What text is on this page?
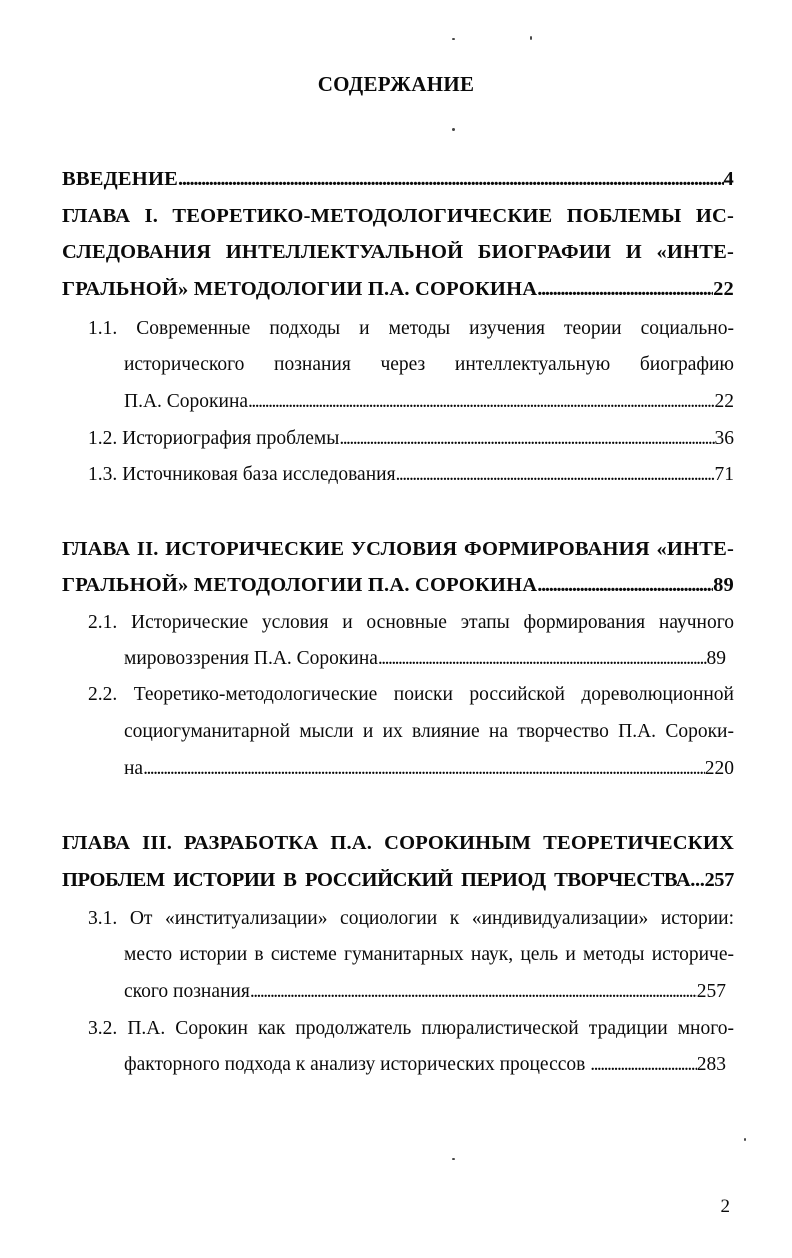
СОДЕРЖАНИЕ
ВВЕДЕНИЕ . . .	4
ГЛАВА I. ТЕОРЕТИКО-МЕТОДОЛОГИЧЕСКИЕ ПОБЛЕМЫ ИС-
СЛЕДОВАНИЯ ИНТЕЛЛЕКТУАЛЬНОЙ БИОГРАФИИ И «ИНТЕ-
ГРАЛЬНОЙ» МЕТОДОЛОГИИ П.А. СОРОКИНА . . .	22
1.1. Современные подходы и методы изучения теории социально-
исторического познания через интеллектуальную биографию
П.А. Сорокина . . .	22
1.2. Историография проблемы . . .	36
1.3. Источниковая база исследования . . .	71
ГЛАВА II. ИСТОРИЧЕСКИЕ УСЛОВИЯ ФОРМИРОВАНИЯ «ИНТЕ-
ГРАЛЬНОЙ» МЕТОДОЛОГИИ П.А. СОРОКИНА . . .	89
2.1. Исторические условия и основные этапы формирования научного
мировоззрения П.А. Сорокина . . .	89
2.2. Теоретико-методологические поиски российской дореволюционной
социогуманитарной мысли и их влияние на творчество П.А. Сороки-
на . . .	220
ГЛАВА III. РАЗРАБОТКА П.А. СОРОКИНЫМ ТЕОРЕТИЧЕСКИХ
ПРОБЛЕМ ИСТОРИИ В РОССИЙСКИЙ ПЕРИОД ТВОРЧЕСТВА...257
3.1. От «институализации» социологии к «индивидуализации» истории:
место истории в системе гуманитарных наук, цель и методы историче-
ского познания . . .	257
3.2. П.А. Сорокин как продолжатель плюралистической традиции много-
факторного подхода к анализу исторических процессов . . .	283
2
